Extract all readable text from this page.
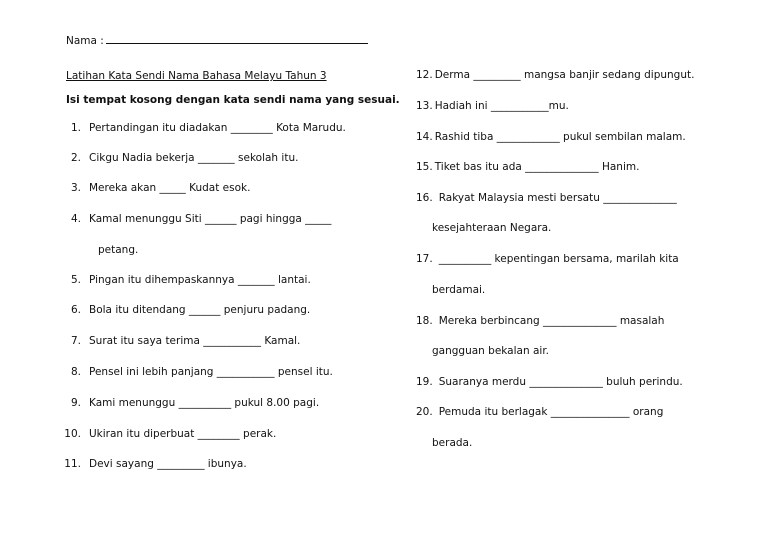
Nama :
Latihan Kata Sendi Nama Bahasa Melayu Tahun 3
Isi tempat kosong dengan kata sendi nama yang sesuai.
1. Pertandingan itu diadakan ________ Kota Marudu.
2. Cikgu Nadia bekerja _______ sekolah itu.
3. Mereka akan _____ Kudat esok.
4. Kamal menunggu Siti ______ pagi hingga _____
petang.
5. Pingan itu dihempaskannya _______ lantai.
6. Bola itu ditendang ______ penjuru padang.
7. Surat itu saya terima ___________ Kamal.
8. Pensel ini lebih panjang ___________ pensel itu.
9. Kami menunggu __________ pukul 8.00 pagi.
10. Ukiran itu diperbuat ________ perak.
11. Devi sayang _________ ibunya.
12. Derma _________ mangsa banjir sedang dipungut.
13. Hadiah ini ___________mu.
14. Rashid tiba ____________ pukul sembilan malam.
15. Tiket bas itu ada ______________ Hanim.
16. Rakyat Malaysia mesti bersatu ______________
kesejahteraan Negara.
17. __________ kepentingan bersama, marilah kita
berdamai.
18. Mereka berbincang ______________ masalah
gangguan bekalan air.
19. Suaranya merdu ______________ buluh perindu.
20. Pemuda itu berlagak _______________ orang
berada.
